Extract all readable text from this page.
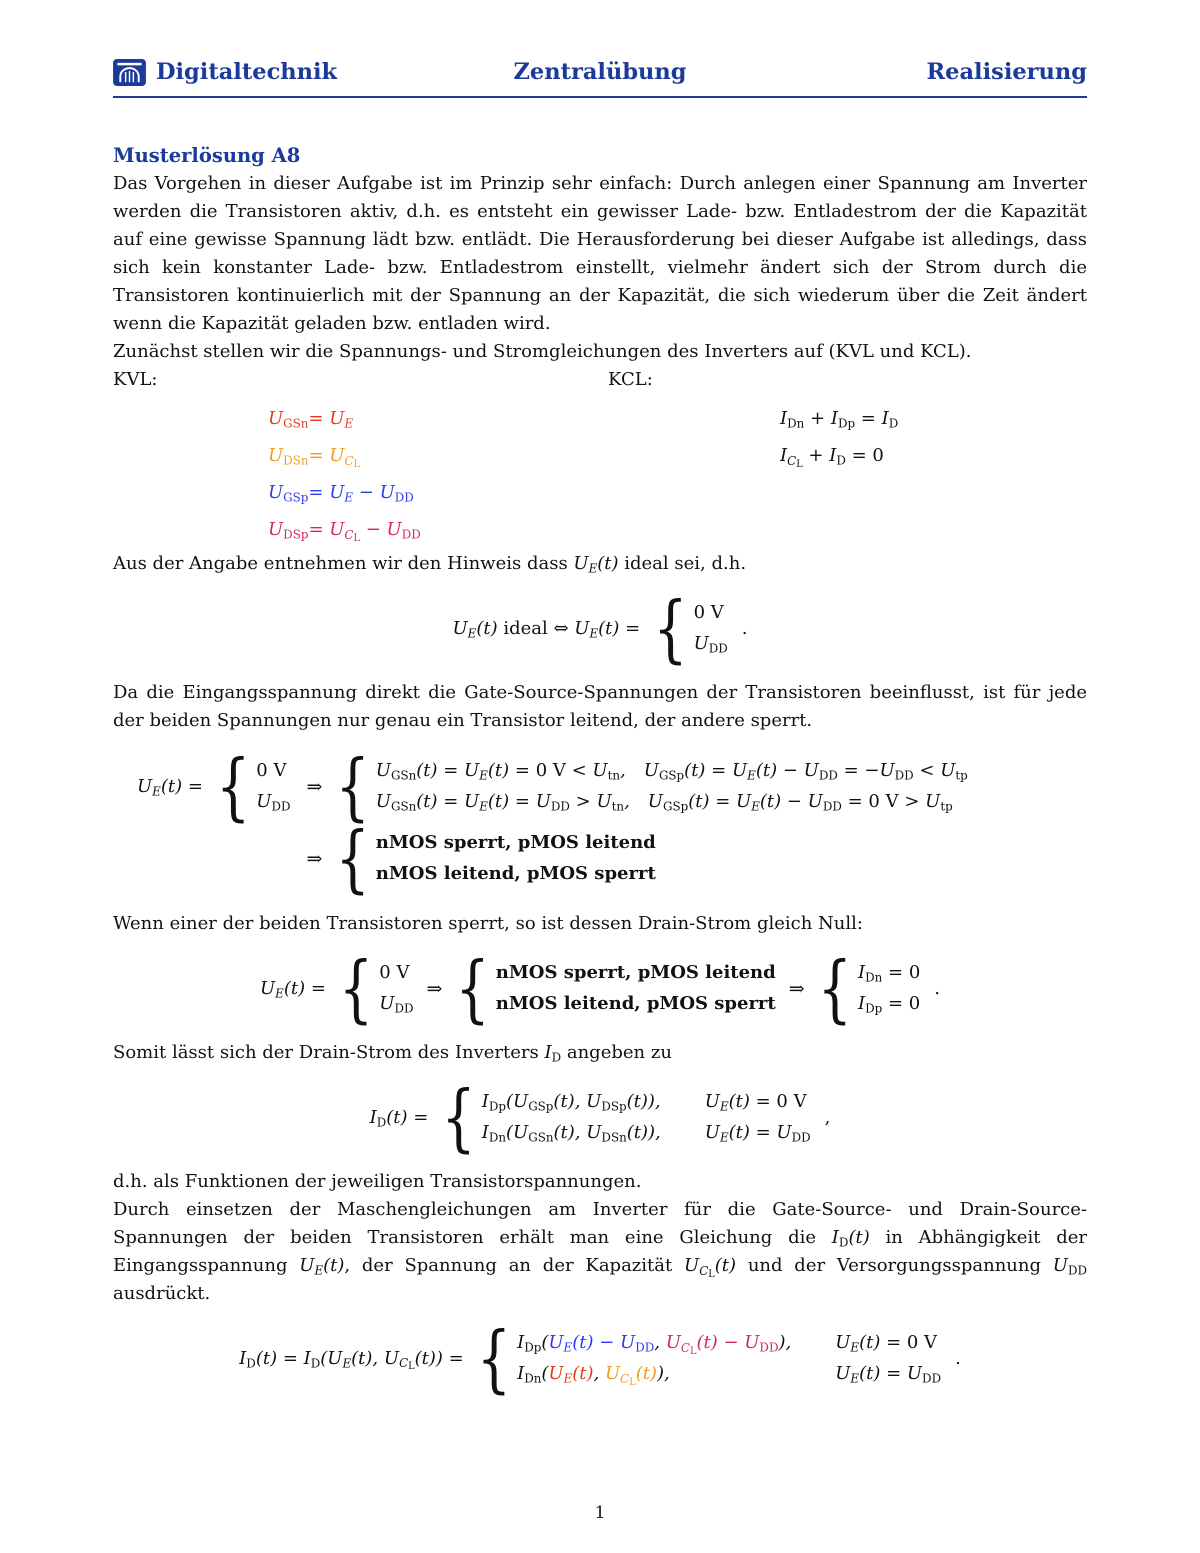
Digitaltechnik	Zentralübung	Realisierung
Musterlösung A8

Das Vorgehen in dieser Aufgabe ist im Prinzip sehr einfach: Durch anlegen einer Spannung am Inverter werden die Transistoren aktiv, d.h. es entsteht ein gewisser Lade- bzw. Entladestrom der die Kapazität auf eine gewisse Spannung lädt bzw. entlädt. Die Herausforderung bei dieser Aufgabe ist alledings, dass sich kein konstanter Lade- bzw. Entladestrom einstellt, vielmehr ändert sich der Strom durch die Transistoren kontinuierlich mit der Spannung an der Kapazität, die sich wiederum über die Zeit ändert wenn die Kapazität geladen bzw. entladen wird.

Zunächst stellen wir die Spannungs- und Stromgleichungen des Inverters auf (KVL und KCL).

KVL:	KCL:
$U_{GSn}= U_E$
$U_{DSn}= U_{C_L}$
$U_{GSp}= U_E - U_{DD}$
$U_{DSp}= U_{C_L} - U_{DD}$
$I_{Dn} + I_{Dp} = I_D$
$I_{C_L} + I_D = 0$

Aus der Angabe entnehmen wir den Hinweis dass $U_E(t)$ ideal sei, d.h.

$U_E(t)$ ideal ⇔ $U_E(t)$ = { 0 V
$U_{DD}$
.

Da die Eingangsspannung direkt die Gate-Source-Spannungen der Transistoren beeinflusst, ist für jede der beiden Spannungen nur genau ein Transistor leitend, der andere sperrt.

$U_E(t)$ = { 0 V
$U_{DD}$
⇒ { $U_{GSn}(t) = U_E(t) = 0$ $V < U_{tn}$, $U_{GSp}(t) = U_E(t) - U_{DD} = -U_{DD} < U_{tp}$
$U_{GSn}(t) = U_E(t) = U_{DD} > U_{tn}$, $U_{GSp}(t) = U_E(t) - U_{DD} = 0$ $V > U_{tp}$
⇒ { nMOS sperrt, pMOS leitend
nMOS leitend, pMOS sperrt

Wenn einer der beiden Transistoren sperrt, so ist dessen Drain-Strom gleich Null:

$U_E(t)$ = { 0 V
$U_{DD}$
⇒ { nMOS sperrt, pMOS leitend
nMOS leitend, pMOS sperrt
⇒ { $I_{Dn} = 0$
$I_{Dp} = 0$
.

Somit lässt sich der Drain-Strom des Inverters $I_D$ angeben zu

$I_D(t)$ = { $I_{Dp}(U_{GSp}(t)$, $U_{DSp}(t)$), $U_E(t) = 0$ V
$I_{Dn}(U_{GSn}(t)$, $U_{DSn}(t)$), $U_E(t) = U_{DD}$
,

d.h. als Funktionen der jeweiligen Transistorspannungen.

Durch einsetzen der Maschengleichungen am Inverter für die Gate-Source- und Drain-Source-Spannungen der beiden Transistoren erhält man eine Gleichung die $I_D(t)$ in Abhängigkeit der Eingangsspannung $U_E(t)$, der Spannung an der Kapazität $U_{C_L}(t)$ und der Versorgungsspannung $U_{DD}$ ausdrückt.

$I_D(t) = I_D(U_E(t)$, $U_{C_L}(t)$) = { $I_{Dp}(U_E(t) - U_{DD}$, $U_{C_L}(t) - U_{DD}$), $U_E(t) = 0$ V
$I_{Dn}(U_E(t)$, $U_{C_L}(t)$),	$U_E(t) = U_{DD}$
.
1
